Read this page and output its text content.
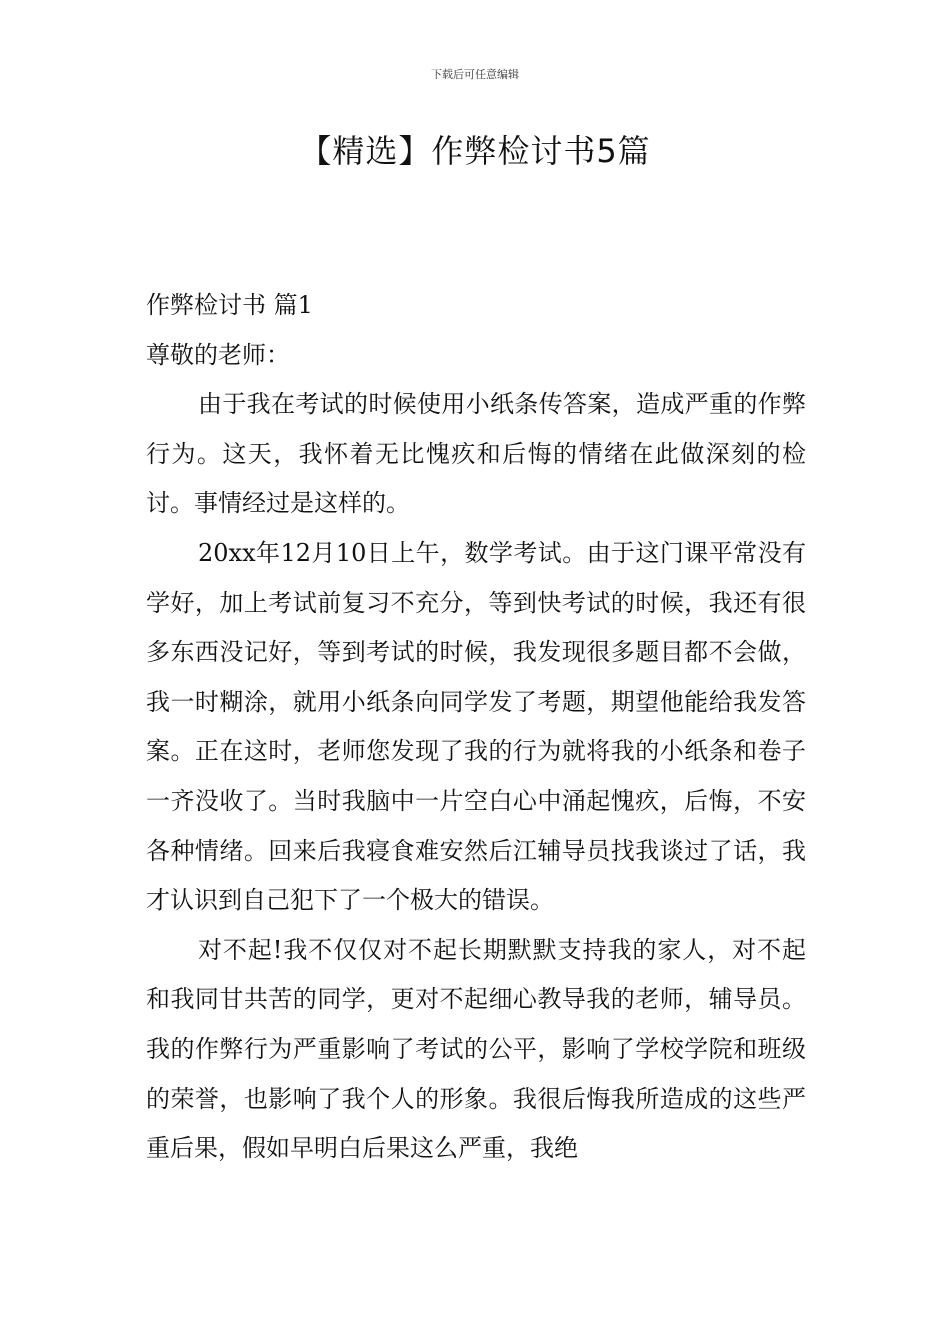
下载后可任意编辑
【精选】作弊检讨书5篇

作弊检讨书 篇1

尊敬的老师：

由于我在考试的时候使用小纸条传答案，造成严重的作弊行为。这天，我怀着无比愧疚和后悔的情绪在此做深刻的检讨。事情经过是这样的。

20xx年12月10日上午，数学考试。由于这门课平常没有学好，加上考试前复习不充分，等到快考试的时候，我还有很多东西没记好，等到考试的时候，我发现很多题目都不会做，我一时糊涂，就用小纸条向同学发了考题，期望他能给我发答案。正在这时，老师您发现了我的行为就将我的小纸条和卷子一齐没收了。当时我脑中一片空白心中涌起愧疚，后悔，不安各种情绪。回来后我寝食难安然后江辅导员找我谈过了话，我才认识到自己犯下了一个极大的错误。

对不起!我不仅仅对不起长期默默支持我的家人，对不起和我同甘共苦的同学，更对不起细心教导我的老师，辅导员。我的作弊行为严重影响了考试的公平，影响了学校学院和班级的荣誉，也影响了我个人的形象。我很后悔我所造成的这些严重后果，假如早明白后果这么严重，我绝
